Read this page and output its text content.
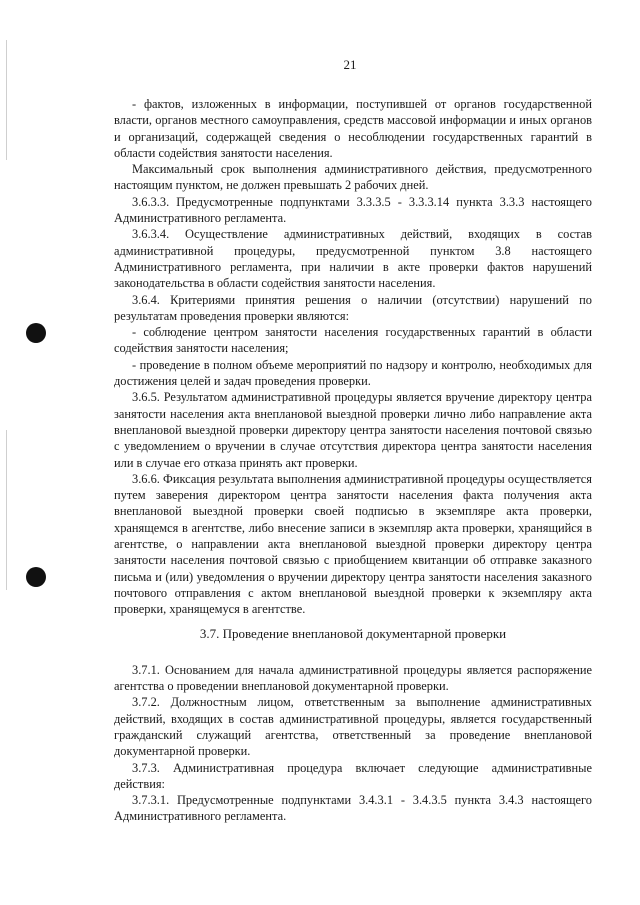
21

- фактов, изложенных в информации, поступившей от органов государственной власти, органов местного самоуправления, средств массовой информации и иных органов и организаций, содержащей сведения о несоблюдении государственных гарантий в области содействия занятости населения.

Максимальный срок выполнения административного действия, предусмотренного настоящим пунктом, не должен превышать 2 рабочих дней.

3.6.3.3. Предусмотренные подпунктами 3.3.3.5 - 3.3.3.14 пункта 3.3.3 настоящего Административного регламента.

3.6.3.4. Осуществление административных действий, входящих в состав административной процедуры, предусмотренной пунктом 3.8 настоящего Административного регламента, при наличии в акте проверки фактов нарушений законодательства в области содействия занятости населения.

3.6.4. Критериями принятия решения о наличии (отсутствии) нарушений по результатам проведения проверки являются:

- соблюдение центром занятости населения государственных гарантий в области содействия занятости населения;

- проведение в полном объеме мероприятий по надзору и контролю, необходимых для достижения целей и задач проведения проверки.

3.6.5. Результатом административной процедуры является вручение директору центра занятости населения акта внеплановой выездной проверки лично либо направление акта внеплановой выездной проверки директору центра занятости населения почтовой связью с уведомлением о вручении в случае отсутствия директора центра занятости населения или в случае его отказа принять акт проверки.

3.6.6. Фиксация результата выполнения административной процедуры осуществляется путем заверения директором центра занятости населения факта получения акта внеплановой выездной проверки своей подписью в экземпляре акта проверки, хранящемся в агентстве, либо внесение записи в экземпляр акта проверки, хранящийся в агентстве, о направлении акта внеплановой выездной проверки директору центра занятости населения почтовой связью с приобщением квитанции об отправке заказного письма и (или) уведомления о вручении директору центра занятости населения заказного почтового отправления с актом внеплановой выездной проверки к экземпляру акта проверки, хранящемуся в агентстве.

3.7. Проведение внеплановой документарной проверки

3.7.1. Основанием для начала административной процедуры является распоряжение агентства о проведении внеплановой документарной проверки.

3.7.2. Должностным лицом, ответственным за выполнение административных действий, входящих в состав административной процедуры, является государственный гражданский служащий агентства, ответственный за проведение внеплановой документарной проверки.

3.7.3. Административная процедура включает следующие административные действия:

3.7.3.1. Предусмотренные подпунктами 3.4.3.1 - 3.4.3.5 пункта 3.4.3 настоящего Административного регламента.
